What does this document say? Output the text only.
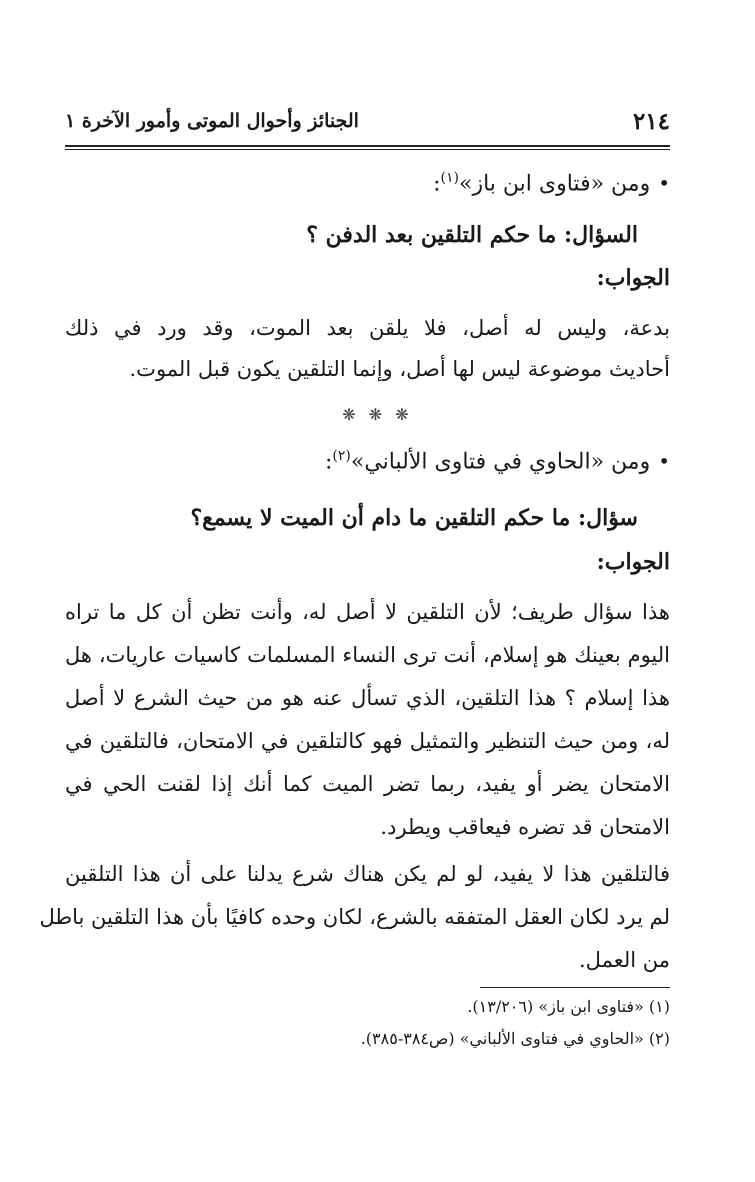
٢١٤
الجنائز وأحوال الموتى وأمور الآخرة ١
•ومن «فتاوى ابن باز»$^{(١)}$:
السؤال: ما حكم التلقين بعد الدفن ؟
الجواب:
بدعة، وليس له أصل، فلا يلقن بعد الموت، وقد ورد في ذلك
أحاديث موضوعة ليس لها أصل، وإنما التلقين يكون قبل الموت.
❋ ❋ ❋
•ومن «الحاوي في فتاوى الألباني»$^{(٢)}$:
سؤال: ما حكم التلقين ما دام أن الميت لا يسمع؟
الجواب:
هذا سؤال طريف؛ لأن التلقين لا أصل له، وأنت تظن أن كل ما تراه
اليوم بعينك هو إسلام، أنت ترى النساء المسلمات كاسيات عاريات، هل
هذا إسلام ؟ هذا التلقين، الذي تسأل عنه هو من حيث الشرع لا أصل
له، ومن حيث التنظير والتمثيل فهو كالتلقين في الامتحان، فالتلقين في
الامتحان يضر أو يفيد، ربما تضر الميت كما أنك إذا لقنت الحي في
الامتحان قد تضره فيعاقب ويطرد.
فالتلقين هذا لا يفيد، لو لم يكن هناك شرع يدلنا على أن هذا التلقين
لم يرد لكان العقل المتفقه بالشرع، لكان وحده كافيًا بأن هذا التلقين باطل
من العمل.
(١) «فتاوى ابن باز» (١٣/٢٠٦).
(٢) «الحاوي في فتاوى الألباني» (ص٣٨٤-٣٨٥).
